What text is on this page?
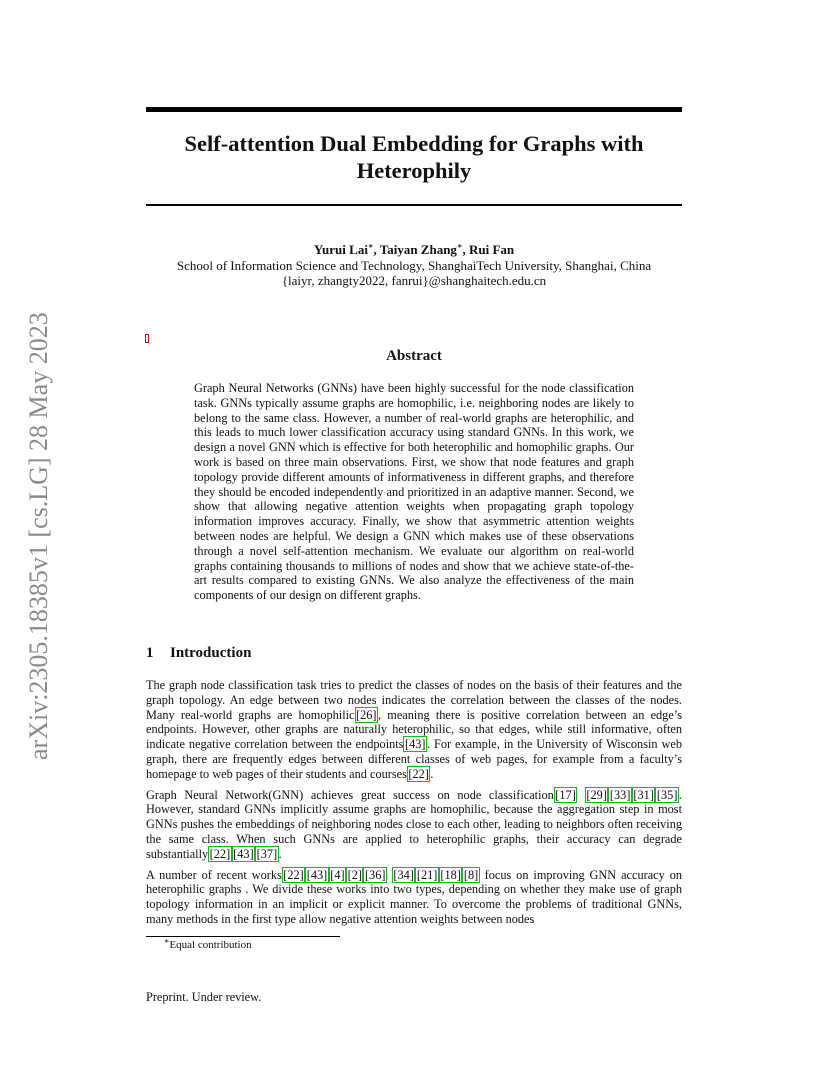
arXiv:2305.18385v1 [cs.LG] 28 May 2023
Self-attention Dual Embedding for Graphs with Heterophily
Yurui Lai∗, Taiyan Zhang∗, Rui Fan
School of Information Science and Technology, ShanghaiTech University, Shanghai, China
{laiyr, zhangty2022, fanrui}@shanghaitech.edu.cn
Abstract
Graph Neural Networks (GNNs) have been highly successful for the node classification task. GNNs typically assume graphs are homophilic, i.e. neighboring nodes are likely to belong to the same class. However, a number of real-world graphs are heterophilic, and this leads to much lower classification accuracy using standard GNNs. In this work, we design a novel GNN which is effective for both heterophilic and homophilic graphs. Our work is based on three main observations. First, we show that node features and graph topology provide different amounts of informativeness in different graphs, and therefore they should be encoded independently and prioritized in an adaptive manner. Second, we show that allowing negative attention weights when propagating graph topology information improves accuracy. Finally, we show that asymmetric attention weights between nodes are helpful. We design a GNN which makes use of these observations through a novel self-attention mechanism. We evaluate our algorithm on real-world graphs containing thousands to millions of nodes and show that we achieve state-of-the-art results compared to existing GNNs. We also analyze the effectiveness of the main components of our design on different graphs.
1 Introduction

The graph node classification task tries to predict the classes of nodes on the basis of their features and the graph topology. An edge between two nodes indicates the correlation between the classes of the nodes. Many real-world graphs are homophilic [26] , meaning there is positive correlation between an edge’s endpoints. However, other graphs are naturally heterophilic, so that edges, while still informative, often indicate negative correlation between the endpoints [43] . For example, in the University of Wisconsin web graph, there are frequently edges between different classes of web pages, for example from a faculty’s homepage to web pages of their students and courses [22] .

Graph Neural Network(GNN) achieves great success on node classification [17] [29] [33] [31] [35] . However, standard GNNs implicitly assume graphs are homophilic, because the aggregation step in most GNNs pushes the embeddings of neighboring nodes close to each other, leading to neighbors often receiving the same class. When such GNNs are applied to heterophilic graphs, their accuracy can degrade substantially [22] [43] [37] .

A number of recent works [22] [43] [4] [2] [36] [34] [21] [18] [8] focus on improving GNN accuracy on heterophilic graphs . We divide these works into two types, depending on whether they make use of graph topology information in an implicit or explicit manner. To overcome the problems of traditional GNNs, many methods in the first type allow negative attention weights between nodes

∗Equal contribution
Preprint. Under review.
